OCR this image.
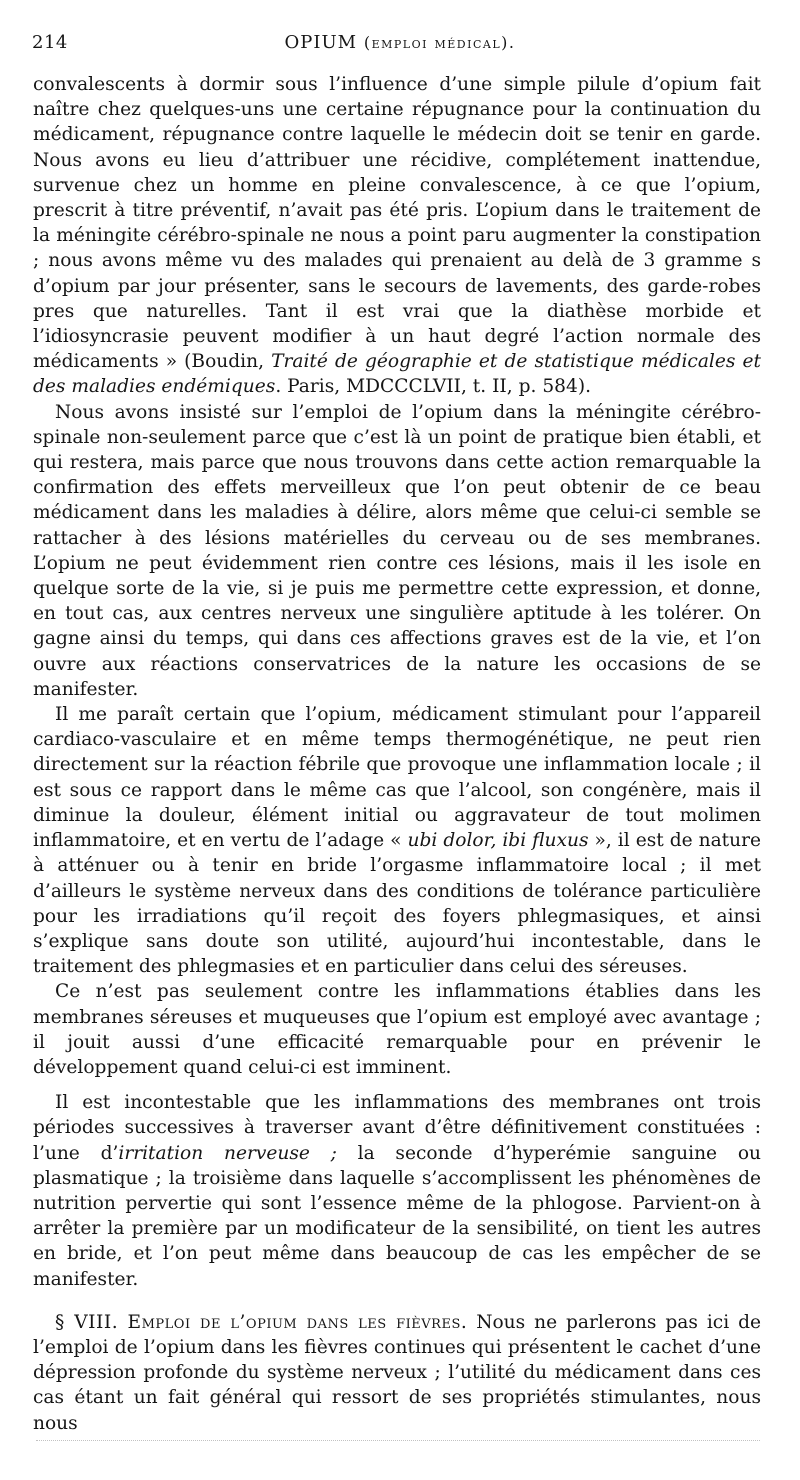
214	OPIUM (emploi médical).

convalescents à dormir sous l’influence d’une simple pilule d’opium fait naître chez quelques-uns une certaine répugnance pour la continuation du médicament, répugnance contre laquelle le médecin doit se tenir en garde. Nous avons eu lieu d’attribuer une récidive, complétement inattendue, survenue chez un homme en pleine convalescence, à ce que l’opium, prescrit à titre préventif, n’avait pas été pris. L’opium dans le traitement de la méningite cérébro-spinale ne nous a point paru augmenter la constipation ; nous avons même vu des malades qui prenaient au delà de 3 gramme s d’opium par jour présenter, sans le secours de lavements, des garde-robes pres que naturelles. Tant il est vrai que la diathèse morbide et l’idiosyncrasie peuvent modifier à un haut degré l’action normale des médicaments » (Boudin, Traité de géographie et de statistique médicales et des maladies endémiques. Paris, MDCCCLVII, t. II, p. 584).

Nous avons insisté sur l’emploi de l’opium dans la méningite cérébro-spinale non-seulement parce que c’est là un point de pratique bien établi, et qui restera, mais parce que nous trouvons dans cette action remarquable la confirmation des effets merveilleux que l’on peut obtenir de ce beau médicament dans les maladies à délire, alors même que celui-ci semble se rattacher à des lésions matérielles du cerveau ou de ses membranes. L’opium ne peut évidemment rien contre ces lésions, mais il les isole en quelque sorte de la vie, si je puis me permettre cette expression, et donne, en tout cas, aux centres nerveux une singulière aptitude à les tolérer. On gagne ainsi du temps, qui dans ces affections graves est de la vie, et l’on ouvre aux réactions conservatrices de la nature les occasions de se manifester.

Il me paraît certain que l’opium, médicament stimulant pour l’appareil cardiaco-vasculaire et en même temps thermogénétique, ne peut rien directement sur la réaction fébrile que provoque une inflammation locale ; il est sous ce rapport dans le même cas que l’alcool, son congénère, mais il diminue la douleur, élément initial ou aggravateur de tout molimen inflammatoire, et en vertu de l’adage « ubi dolor, ibi fluxus », il est de nature à atténuer ou à tenir en bride l’orgasme inflammatoire local ; il met d’ailleurs le système nerveux dans des conditions de tolérance particulière pour les irradiations qu’il reçoit des foyers phlegmasiques, et ainsi s’explique sans doute son utilité, aujourd’hui incontestable, dans le traitement des phlegmasies et en particulier dans celui des séreuses.

Ce n’est pas seulement contre les inflammations établies dans les membranes séreuses et muqueuses que l’opium est employé avec avantage ; il jouit aussi d’une efficacité remarquable pour en prévenir le développement quand celui-ci est imminent.

Il est incontestable que les inflammations des membranes ont trois périodes successives à traverser avant d’être définitivement constituées : l’une d’irritation nerveuse ; la seconde d’hyperémie sanguine ou plasmatique ; la troisième dans laquelle s’accomplissent les phénomènes de nutrition pervertie qui sont l’essence même de la phlogose. Parvient-on à arrêter la première par un modificateur de la sensibilité, on tient les autres en bride, et l’on peut même dans beaucoup de cas les empêcher de se manifester.

§ VIII. Emploi de l’opium dans les fièvres. Nous ne parlerons pas ici de l’emploi de l’opium dans les fièvres continues qui présentent le cachet d’une dépression profonde du système nerveux ; l’utilité du médicament dans ces cas étant un fait général qui ressort de ses propriétés stimulantes, nous nous
